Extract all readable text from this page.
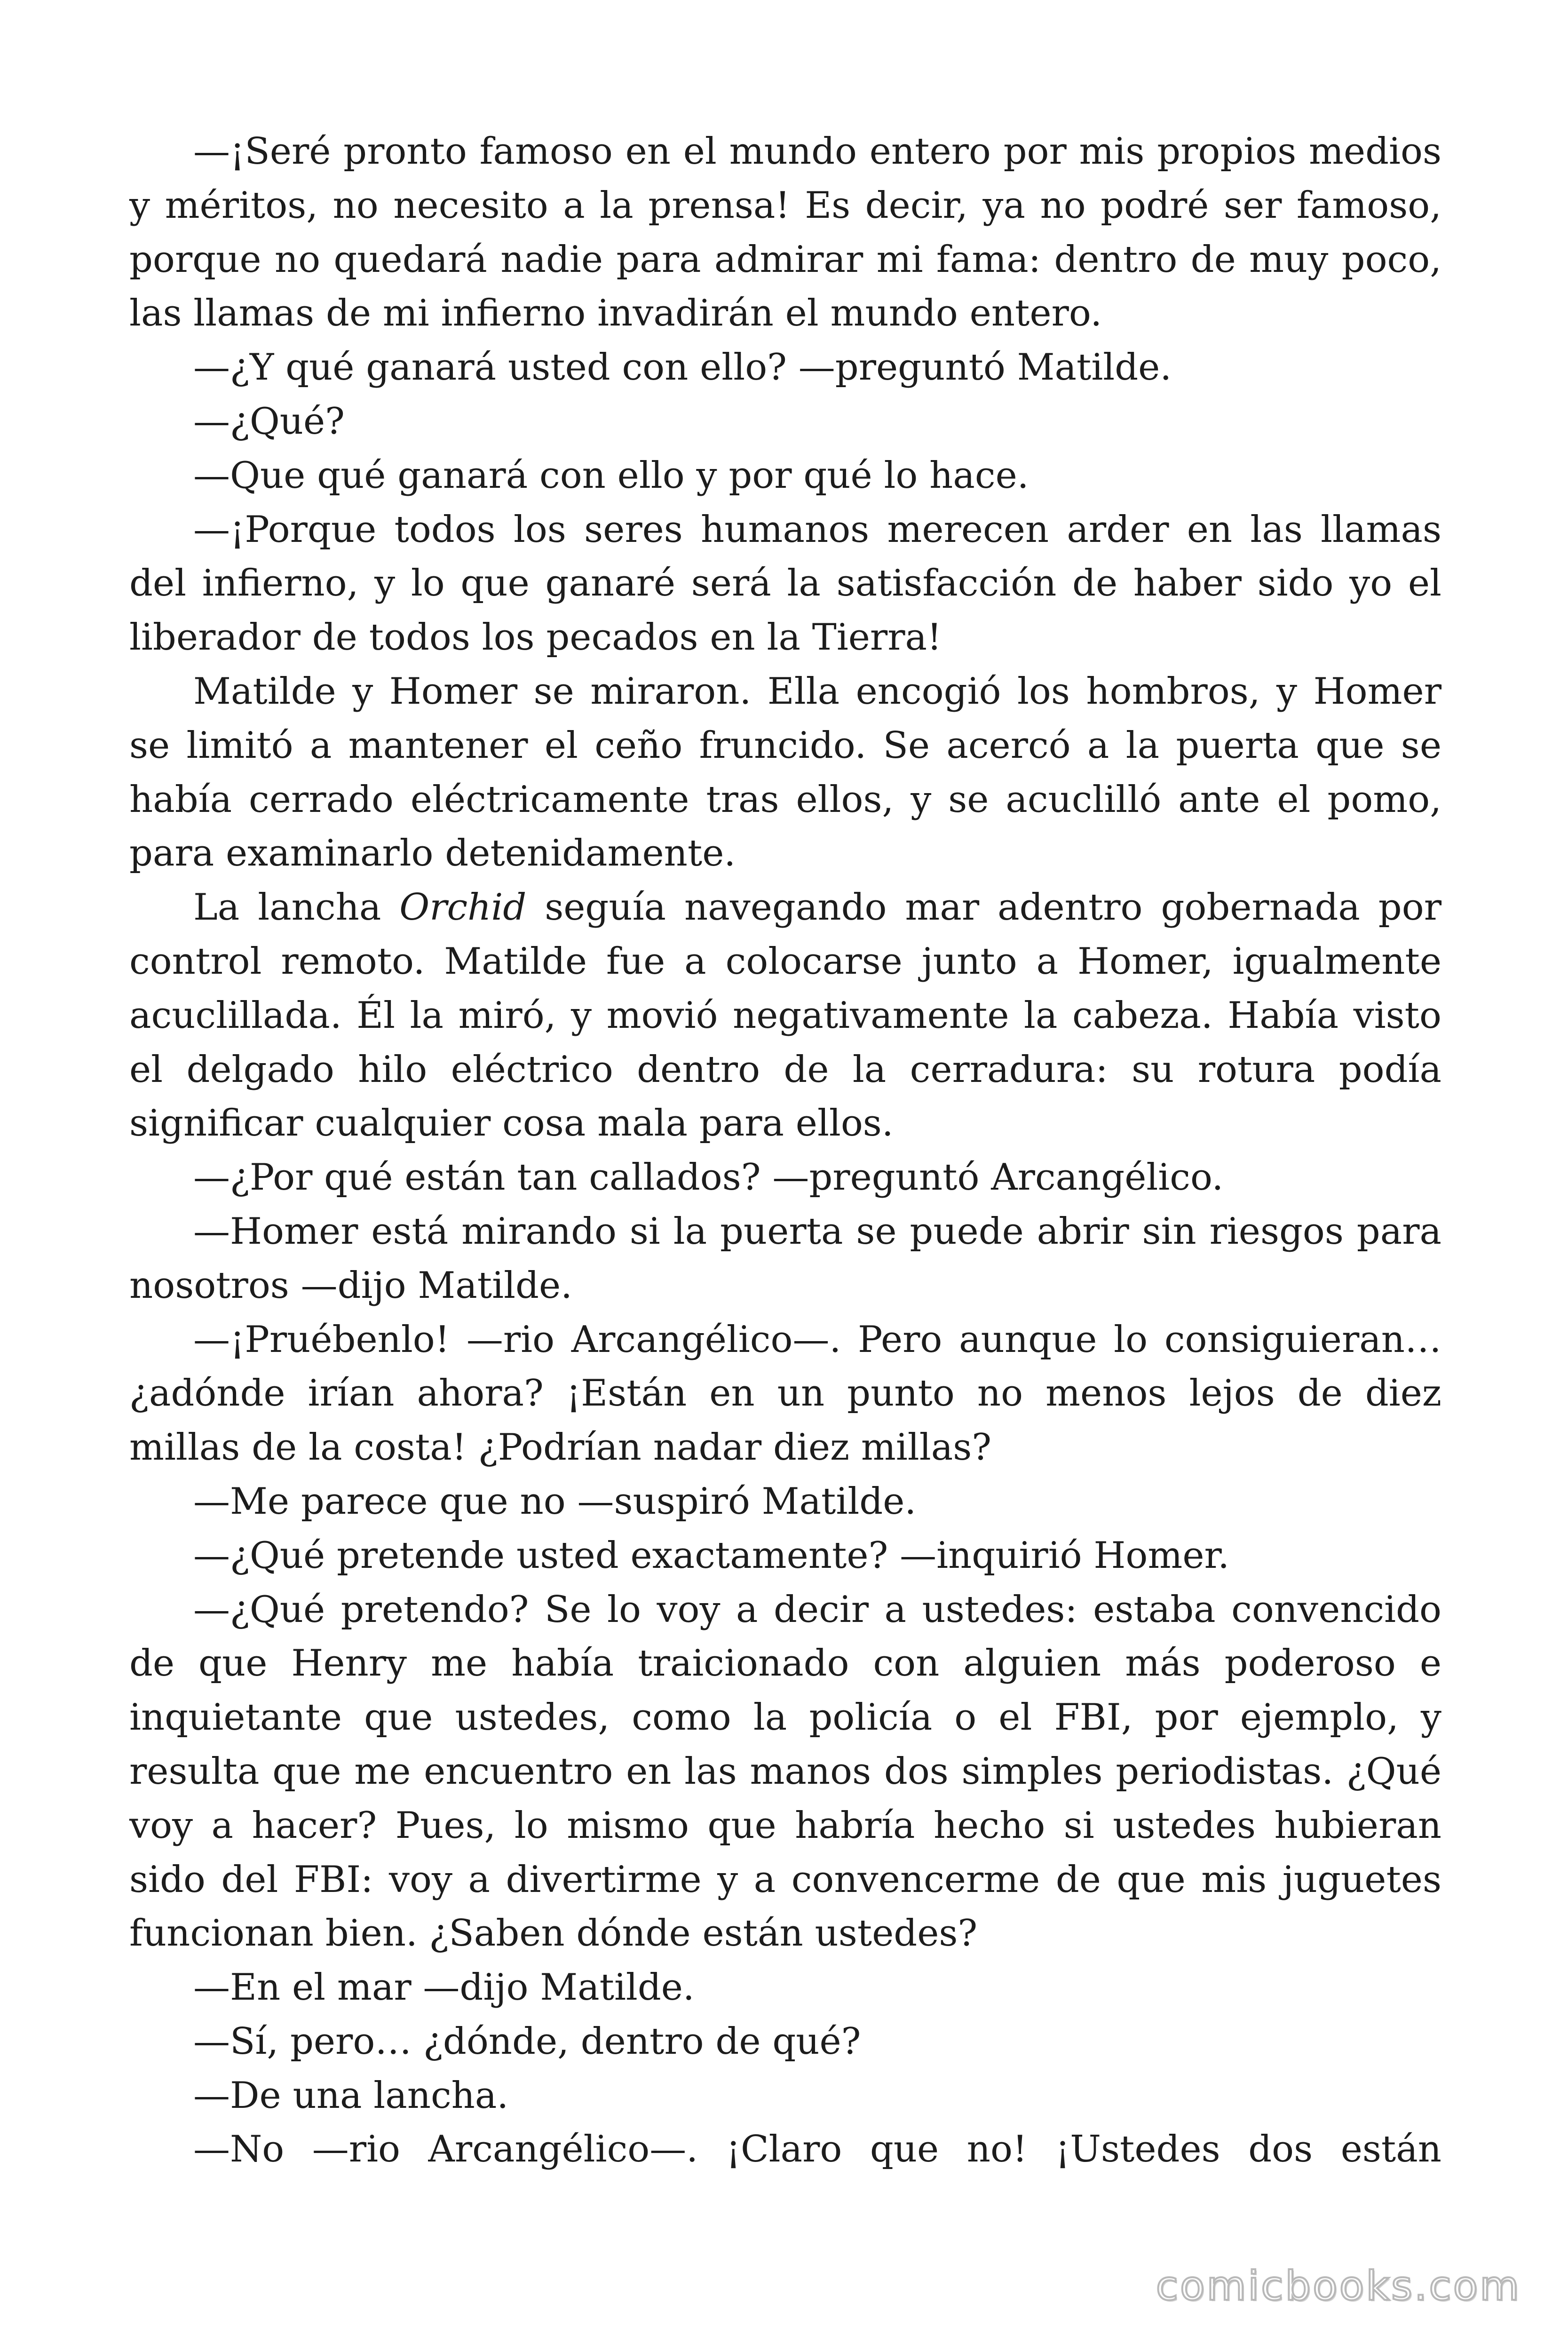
—¡Seré pronto famoso en el mundo entero por mis propios medios y méritos, no necesito a la prensa! Es decir, ya no podré ser famoso, porque no quedará nadie para admirar mi fama: dentro de muy poco, las llamas de mi infierno invadirán el mundo entero.

—¿Y qué ganará usted con ello? —preguntó Matilde.

—¿Qué?

—Que qué ganará con ello y por qué lo hace.

—¡Porque todos los seres humanos merecen arder en las llamas del infierno, y lo que ganaré será la satisfacción de haber sido yo el liberador de todos los pecados en la Tierra!

Matilde y Homer se miraron. Ella encogió los hombros, y Homer se limitó a mantener el ceño fruncido. Se acercó a la puerta que se había cerrado eléctricamente tras ellos, y se acuclilló ante el pomo, para examinarlo detenidamente.

La lancha Orchid seguía navegando mar adentro gobernada por control remoto. Matilde fue a colocarse junto a Homer, igualmente acuclillada. Él la miró, y movió negativamente la cabeza. Había visto el delgado hilo eléctrico dentro de la cerradura: su rotura podía significar cualquier cosa mala para ellos.

—¿Por qué están tan callados? —preguntó Arcangélico.

—Homer está mirando si la puerta se puede abrir sin riesgos para nosotros —dijo Matilde.

—¡Pruébenlo! —rio Arcangélico—. Pero aunque lo consiguieran… ¿adónde irían ahora? ¡Están en un punto no menos lejos de diez millas de la costa! ¿Podrían nadar diez millas?

—Me parece que no —suspiró Matilde.

—¿Qué pretende usted exactamente? —inquirió Homer.

—¿Qué pretendo? Se lo voy a decir a ustedes: estaba convencido de que Henry me había traicionado con alguien más poderoso e inquietante que ustedes, como la policía o el FBI, por ejemplo, y resulta que me encuentro en las manos dos simples periodistas. ¿Qué voy a hacer? Pues, lo mismo que habría hecho si ustedes hubieran sido del FBI: voy a divertirme y a convencerme de que mis juguetes funcionan bien. ¿Saben dónde están ustedes?

—En el mar —dijo Matilde.

—Sí, pero… ¿dónde, dentro de qué?

—De una lancha.

—No —rio Arcangélico—. ¡Claro que no! ¡Ustedes dos están

comicbooks.com
